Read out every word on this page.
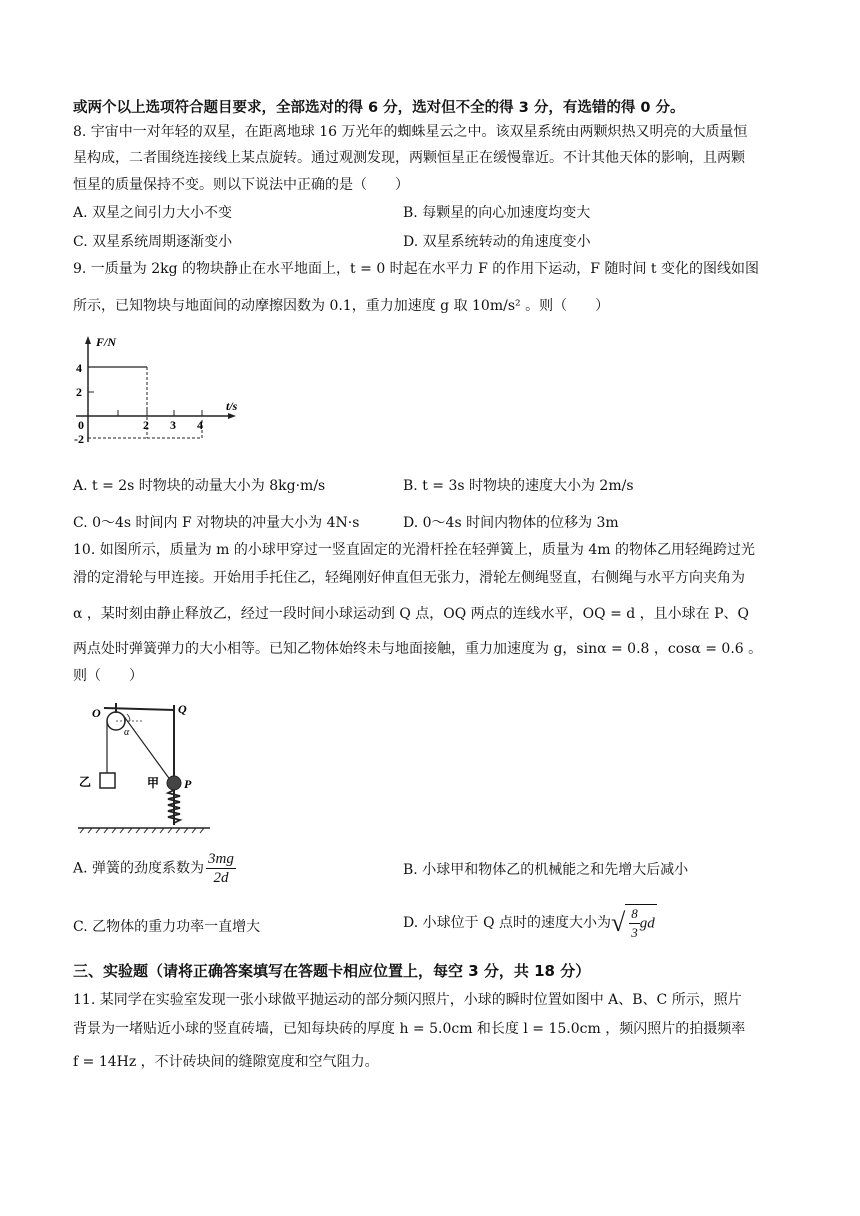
或两个以上选项符合题目要求，全部选对的得 6 分，选对但不全的得 3 分，有选错的得 0 分。
8. 宇宙中一对年轻的双星，在距离地球 16 万光年的蜘蛛星云之中。该双星系统由两颗炽热又明亮的大质量恒
星构成，二者围绕连接线上某点旋转。通过观测发现，两颗恒星正在缓慢靠近。不计其他天体的影响，且两颗
恒星的质量保持不变。则以下说法中正确的是（　　）
A. 双星之间引力大小不变	B. 每颗星的向心加速度均变大
C. 双星系统周期逐渐变小	D. 双星系统转动的角速度变小
9. 一质量为 2kg 的物块静止在水平地面上，t = 0 时起在水平力 F 的作用下运动，F 随时间 t 变化的图线如图
所示，已知物块与地面间的动摩擦因数为 0.1，重力加速度 g 取 10m/s² 。则（　　）
F/N
t/s
4
2
-2
0	2 3 4
A. t = 2s 时物块的动量大小为 8kg·m/s	B. t = 3s 时物块的速度大小为 2m/s
C. 0～4s 时间内 F 对物块的冲量大小为 4N·s	D. 0～4s 时间内物体的位移为 3m
10. 如图所示，质量为 m 的小球甲穿过一竖直固定的光滑杆拴在轻弹簧上，质量为 4m 的物体乙用轻绳跨过光
滑的定滑轮与甲连接。开始用手托住乙，轻绳刚好伸直但无张力，滑轮左侧绳竖直，右侧绳与水平方向夹角为
α ，某时刻由静止释放乙，经过一段时间小球运动到 Q 点，OQ 两点的连线水平，OQ = d ，且小球在 P、Q
两点处时弹簧弹力的大小相等。已知乙物体始终未与地面接触，重力加速度为 g，sinα = 0.8 ，cosα = 0.6 。
则（　　）
O	Q
α
乙	甲 P
A. 弹簧的劲度系数为 $\frac{3mg}{2d}$	B. 小球甲和物体乙的机械能之和先增大后减小
C. 乙物体的重力功率一直增大	D. 小球位于 Q 点时的速度大小为√ $\frac{8}{3}$ gd
三、实验题（请将正确答案填写在答题卡相应位置上，每空 3 分，共 18 分）
11. 某同学在实验室发现一张小球做平抛运动的部分频闪照片，小球的瞬时位置如图中 A、B、C 所示，照片
背景为一堵贴近小球的竖直砖墙，已知每块砖的厚度 h = 5.0cm 和长度 l = 15.0cm ，频闪照片的拍摄频率
f = 14Hz ，不计砖块间的缝隙宽度和空气阻力。
